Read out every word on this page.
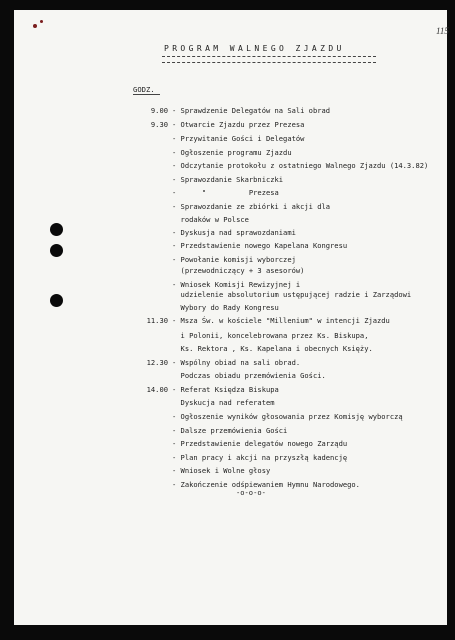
115
PROGRAM WALNEGO ZJAZDU
GODZ.
9.00 - Sprawdzenie Delegatów na Sali obrad
9.30 - Otwarcie Zjazdu przez Prezesa
- Przywitanie Gości i Delegatów
- Ogłoszenie programu Zjazdu
- Odczytanie protokołu z ostatniego Walnego Zjazdu (14.3.82)
- Sprawozdanie Skarbniczki
-      "          Prezesa
- Sprawozdanie ze zbiórki i akcji dla
rodaków w Polsce
- Dyskusja nad sprawozdaniami
- Przedstawienie nowego Kapelana Kongresu
- Powołanie komisji wyborczej
(przewodniczący + 3 asesorów)
- Wniosek Komisji Rewizyjnej i
udzielenie absolutorium ustępującej radzie i Zarządowi
Wybory do Rady Kongresu
11.30 - Msza Św. w kościele "Millenium" w intencji Zjazdu
i Polonii, koncelebrowana przez Ks. Biskupa,
Ks. Rektora , Ks. Kapelana i obecnych Księży.
12.30 - Wspólny obiad na sali obrad.
Podczas obiadu przemówienia Gości.
14.00 - Referat Księdza Biskupa
Dyskucja nad referatem
- Ogłoszenie wyników głosowania przez Komisję wyborczą
- Dalsze przemówienia Gości
- Przedstawienie delegatów nowego Zarządu
- Plan pracy i akcji na przyszłą kadencję
- Wniosek i Wolne głosy
- Zakończenie odśpiewaniem Hymnu Narodowego.
-o-o-o-
